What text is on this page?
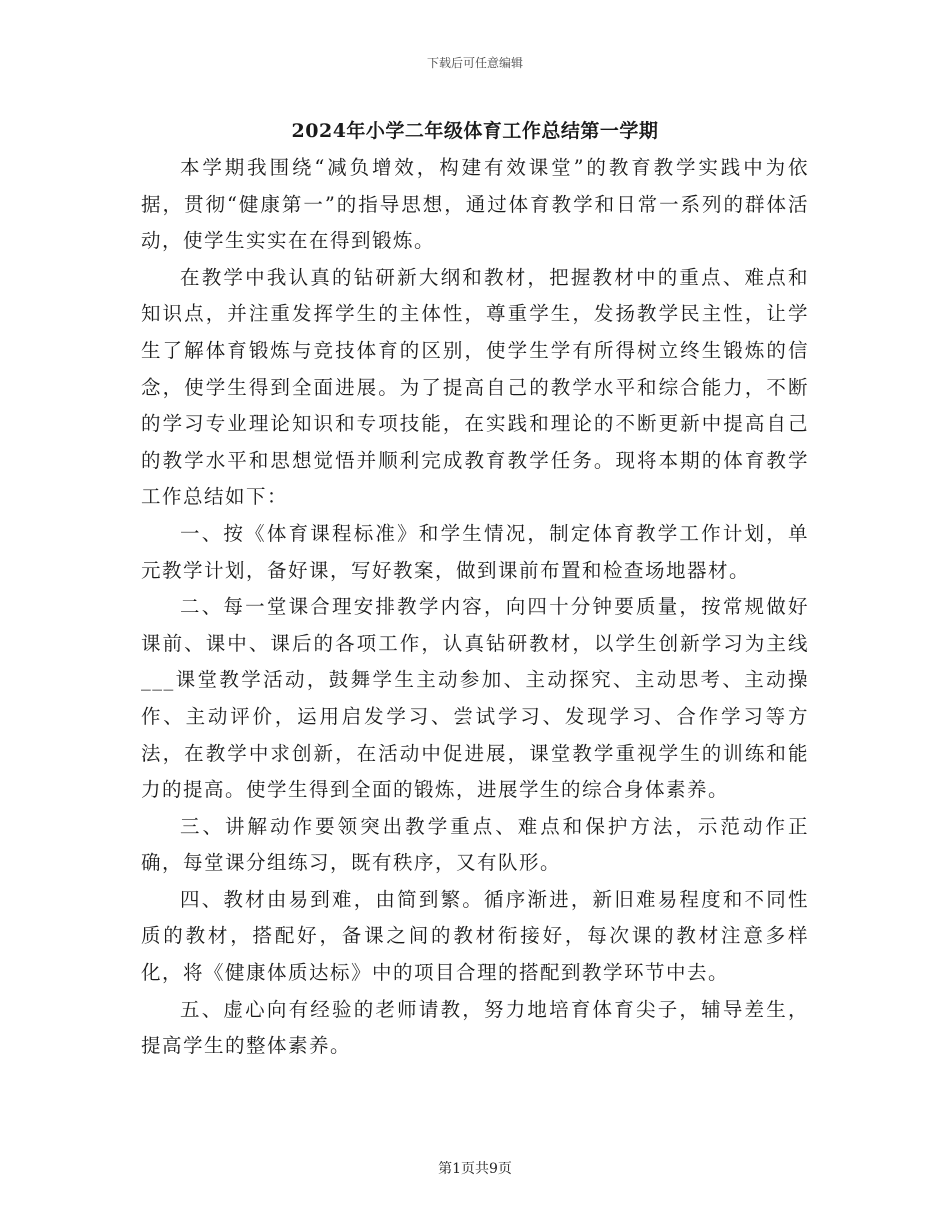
下载后可任意编辑
2024年小学二年级体育工作总结第一学期

本学期我围绕“减负增效，构建有效课堂”的教育教学实践中为依据，贯彻“健康第一”的指导思想，通过体育教学和日常一系列的群体活动，使学生实实在在得到锻炼。

在教学中我认真的钻研新大纲和教材，把握教材中的重点、难点和知识点，并注重发挥学生的主体性，尊重学生，发扬教学民主性，让学生了解体育锻炼与竞技体育的区别，使学生学有所得树立终生锻炼的信念，使学生得到全面进展。为了提高自己的教学水平和综合能力，不断的学习专业理论知识和专项技能，在实践和理论的不断更新中提高自己的教学水平和思想觉悟并顺利完成教育教学任务。现将本期的体育教学工作总结如下：

一、按《体育课程标准》和学生情况，制定体育教学工作计划，单元教学计划，备好课，写好教案，做到课前布置和检查场地器材。

二、每一堂课合理安排教学内容，向四十分钟要质量，按常规做好课前、课中、课后的各项工作，认真钻研教材，以学生创新学习为主线___课堂教学活动，鼓舞学生主动参加、主动探究、主动思考、主动操作、主动评价，运用启发学习、尝试学习、发现学习、合作学习等方法，在教学中求创新，在活动中促进展，课堂教学重视学生的训练和能力的提高。使学生得到全面的锻炼，进展学生的综合身体素养。

三、讲解动作要领突出教学重点、难点和保护方法，示范动作正确，每堂课分组练习，既有秩序，又有队形。

四、教材由易到难，由简到繁。循序渐进，新旧难易程度和不同性质的教材，搭配好，备课之间的教材衔接好，每次课的教材注意多样化，将《健康体质达标》中的项目合理的搭配到教学环节中去。

五、虚心向有经验的老师请教，努力地培育体育尖子，辅导差生，提高学生的整体素养。

第1页共9页
